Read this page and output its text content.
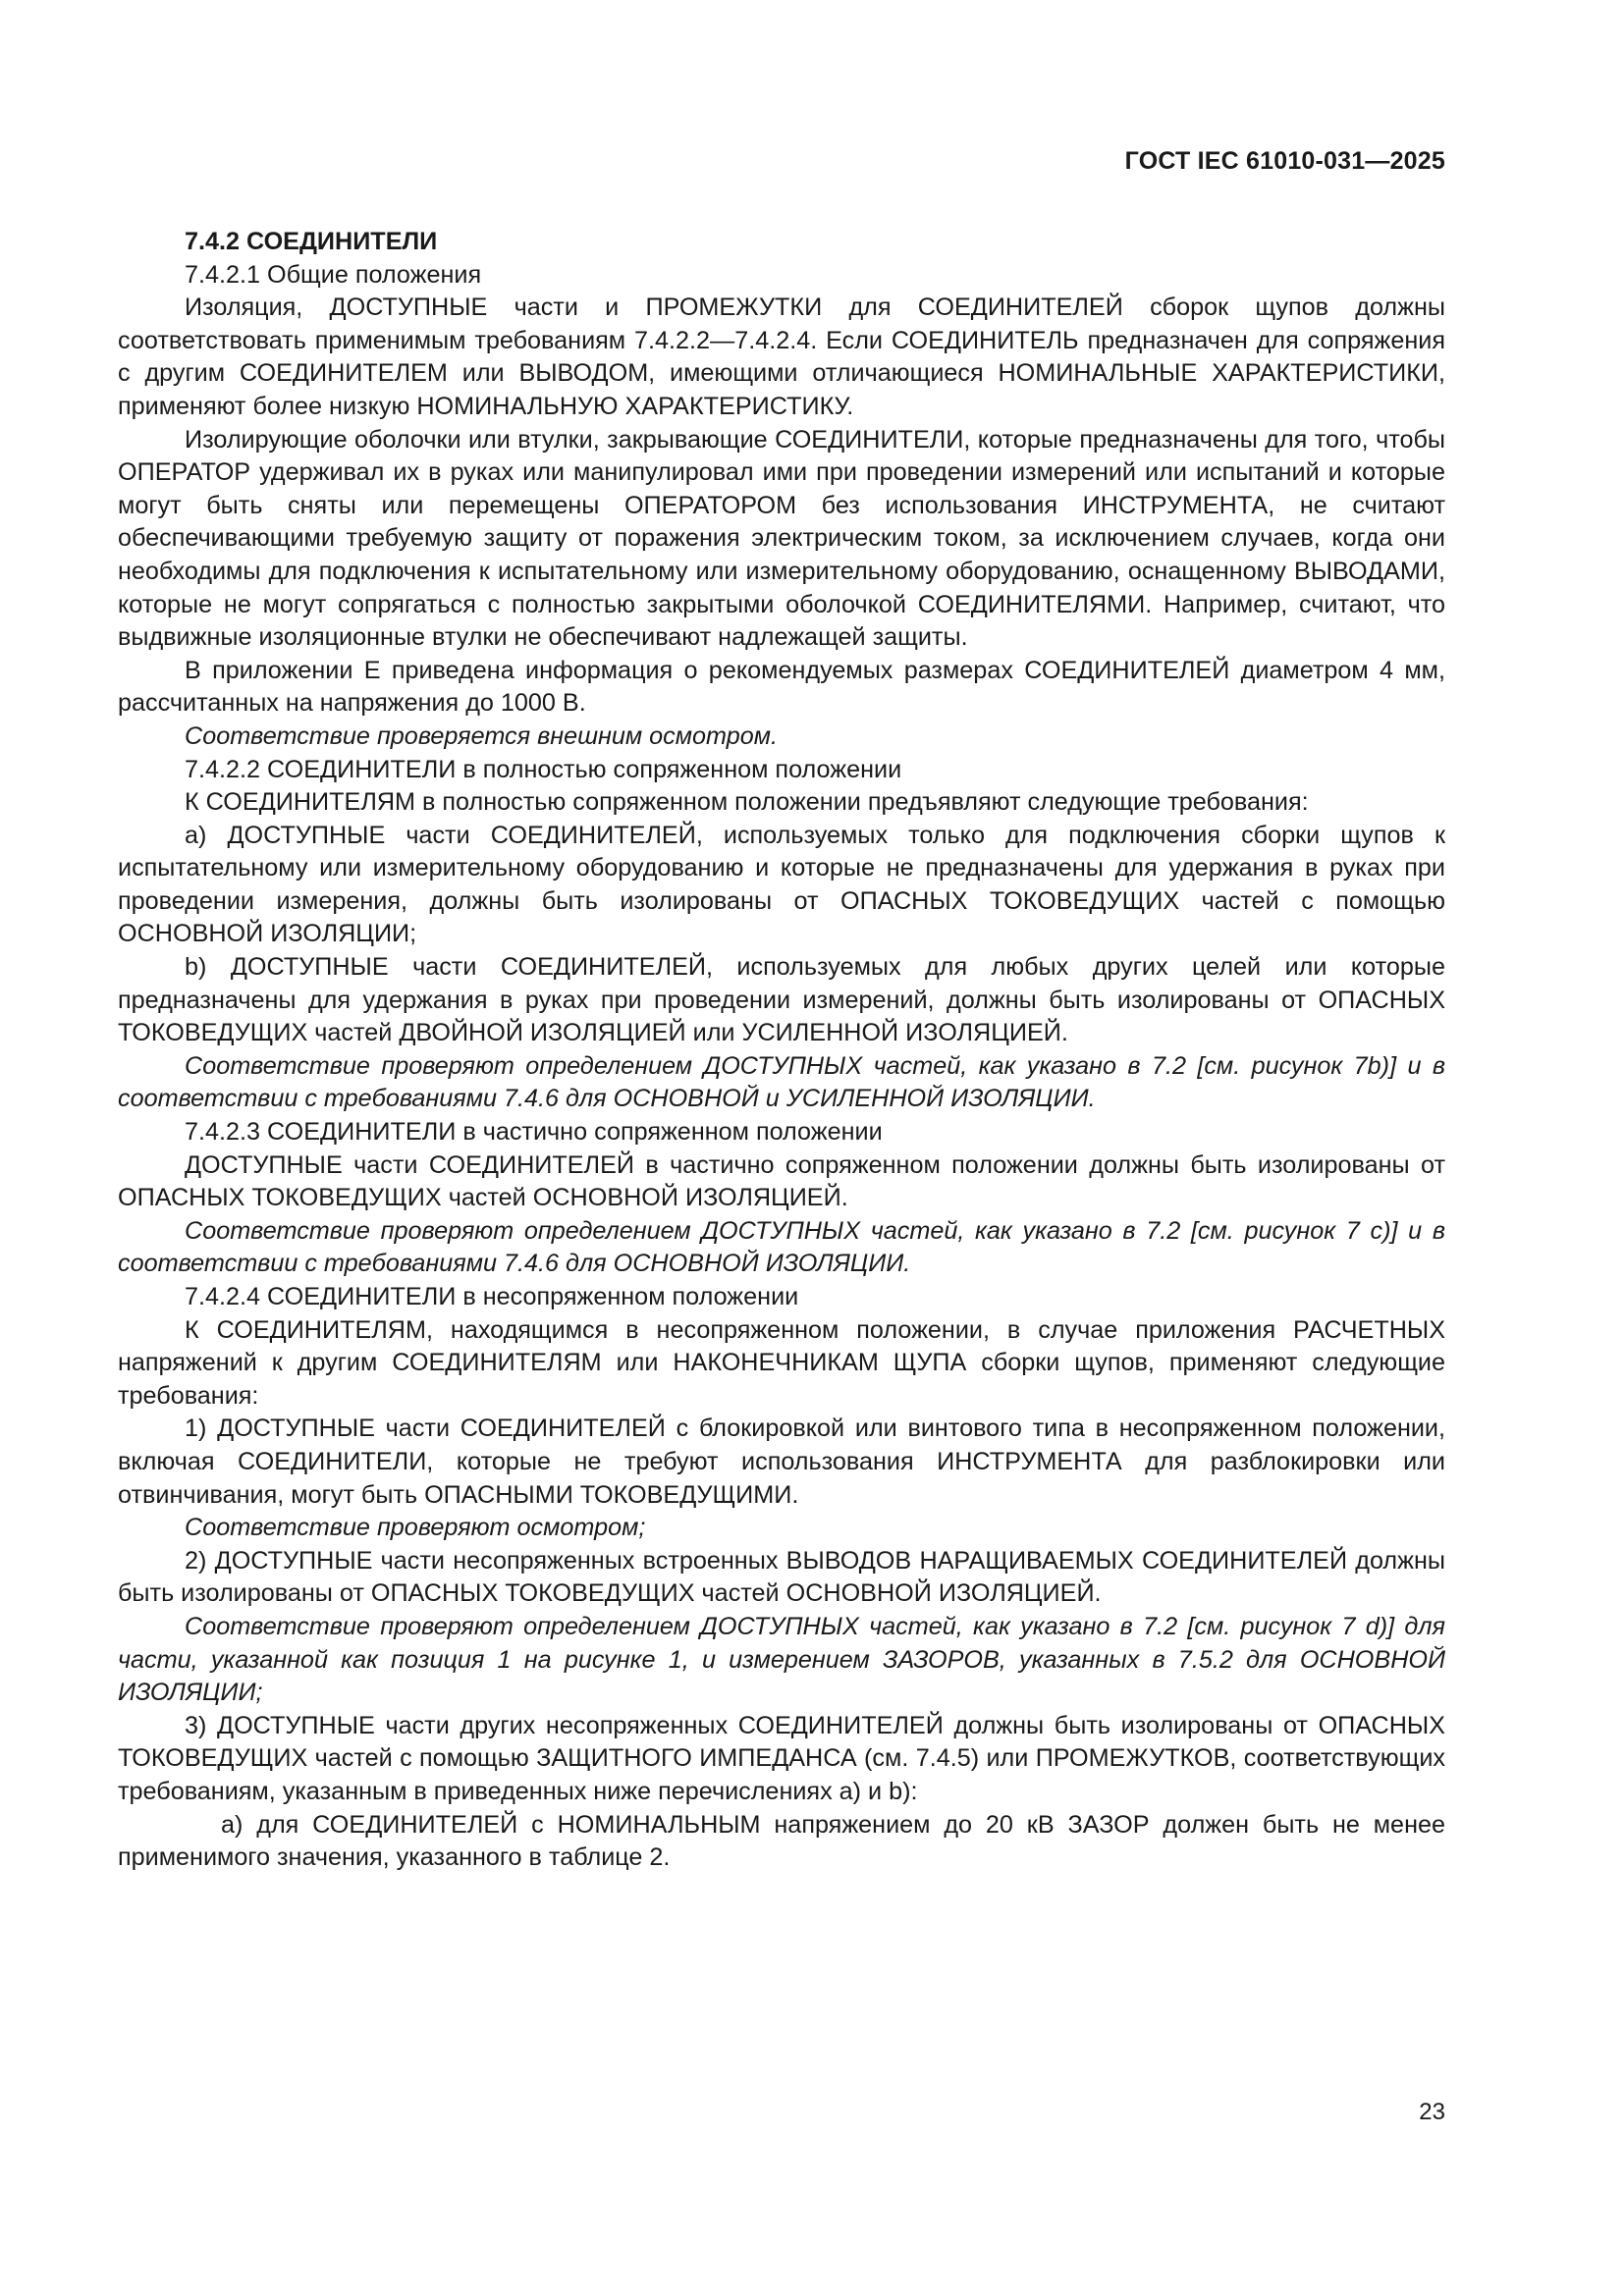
ГОСТ IEC 61010-031—2025

7.4.2 СОЕДИНИТЕЛИ

7.4.2.1 Общие положения

Изоляция, ДОСТУПНЫЕ части и ПРОМЕЖУТКИ для СОЕДИНИТЕЛЕЙ сборок щупов должны соответствовать применимым требованиям 7.4.2.2—7.4.2.4. Если СОЕДИНИТЕЛЬ предназначен для сопряжения с другим СОЕДИНИТЕЛЕМ или ВЫВОДОМ, имеющими отличающиеся НОМИНАЛЬНЫЕ ХАРАКТЕРИСТИКИ, применяют более низкую НОМИНАЛЬНУЮ ХАРАКТЕРИСТИКУ.

Изолирующие оболочки или втулки, закрывающие СОЕДИНИТЕЛИ, которые предназначены для того, чтобы ОПЕРАТОР удерживал их в руках или манипулировал ими при проведении измерений или испытаний и которые могут быть сняты или перемещены ОПЕРАТОРОМ без использования ИНСТРУМЕНТА, не считают обеспечивающими требуемую защиту от поражения электрическим током, за исключением случаев, когда они необходимы для подключения к испытательному или измерительному оборудованию, оснащенному ВЫВОДАМИ, которые не могут сопрягаться с полностью закрытыми оболочкой СОЕДИНИТЕЛЯМИ. Например, считают, что выдвижные изоляционные втулки не обеспечивают надлежащей защиты.

В приложении Е приведена информация о рекомендуемых размерах СОЕДИНИТЕЛЕЙ диаметром 4 мм, рассчитанных на напряжения до 1000 В.

Соответствие проверяется внешним осмотром.

7.4.2.2 СОЕДИНИТЕЛИ в полностью сопряженном положении

К СОЕДИНИТЕЛЯМ в полностью сопряженном положении предъявляют следующие требования:

a) ДОСТУПНЫЕ части СОЕДИНИТЕЛЕЙ, используемых только для подключения сборки щупов к испытательному или измерительному оборудованию и которые не предназначены для удержания в руках при проведении измерения, должны быть изолированы от ОПАСНЫХ ТОКОВЕДУЩИХ частей с помощью ОСНОВНОЙ ИЗОЛЯЦИИ;

b) ДОСТУПНЫЕ части СОЕДИНИТЕЛЕЙ, используемых для любых других целей или которые предназначены для удержания в руках при проведении измерений, должны быть изолированы от ОПАСНЫХ ТОКОВЕДУЩИХ частей ДВОЙНОЙ ИЗОЛЯЦИЕЙ или УСИЛЕННОЙ ИЗОЛЯЦИЕЙ.

Соответствие проверяют определением ДОСТУПНЫХ частей, как указано в 7.2 [см. рисунок 7b)] и в соответствии с требованиями 7.4.6 для ОСНОВНОЙ и УСИЛЕННОЙ ИЗОЛЯЦИИ.

7.4.2.3 СОЕДИНИТЕЛИ в частично сопряженном положении

ДОСТУПНЫЕ части СОЕДИНИТЕЛЕЙ в частично сопряженном положении должны быть изолированы от ОПАСНЫХ ТОКОВЕДУЩИХ частей ОСНОВНОЙ ИЗОЛЯЦИЕЙ.

Соответствие проверяют определением ДОСТУПНЫХ частей, как указано в 7.2 [см. рисунок 7 c)] и в соответствии с требованиями 7.4.6 для ОСНОВНОЙ ИЗОЛЯЦИИ.

7.4.2.4 СОЕДИНИТЕЛИ в несопряженном положении

К СОЕДИНИТЕЛЯМ, находящимся в несопряженном положении, в случае приложения РАСЧЕТНЫХ напряжений к другим СОЕДИНИТЕЛЯМ или НАКОНЕЧНИКАМ ЩУПА сборки щупов, применяют следующие требования:

1) ДОСТУПНЫЕ части СОЕДИНИТЕЛЕЙ с блокировкой или винтового типа в несопряженном положении, включая СОЕДИНИТЕЛИ, которые не требуют использования ИНСТРУМЕНТА для разблокировки или отвинчивания, могут быть ОПАСНЫМИ ТОКОВЕДУЩИМИ.

Соответствие проверяют осмотром;

2) ДОСТУПНЫЕ части несопряженных встроенных ВЫВОДОВ НАРАЩИВАЕМЫХ СОЕДИНИТЕЛЕЙ должны быть изолированы от ОПАСНЫХ ТОКОВЕДУЩИХ частей ОСНОВНОЙ ИЗОЛЯЦИЕЙ.

Соответствие проверяют определением ДОСТУПНЫХ частей, как указано в 7.2 [см. рисунок 7 d)] для части, указанной как позиция 1 на рисунке 1, и измерением ЗАЗОРОВ, указанных в 7.5.2 для ОСНОВНОЙ ИЗОЛЯЦИИ;

3) ДОСТУПНЫЕ части других несопряженных СОЕДИНИТЕЛЕЙ должны быть изолированы от ОПАСНЫХ ТОКОВЕДУЩИХ частей с помощью ЗАЩИТНОГО ИМПЕДАНСА (см. 7.4.5) или ПРОМЕЖУТКОВ, соответствующих требованиям, указанным в приведенных ниже перечислениях а) и b):

а) для СОЕДИНИТЕЛЕЙ с НОМИНАЛЬНЫМ напряжением до 20 кВ ЗАЗОР должен быть не менее применимого значения, указанного в таблице 2.

23
